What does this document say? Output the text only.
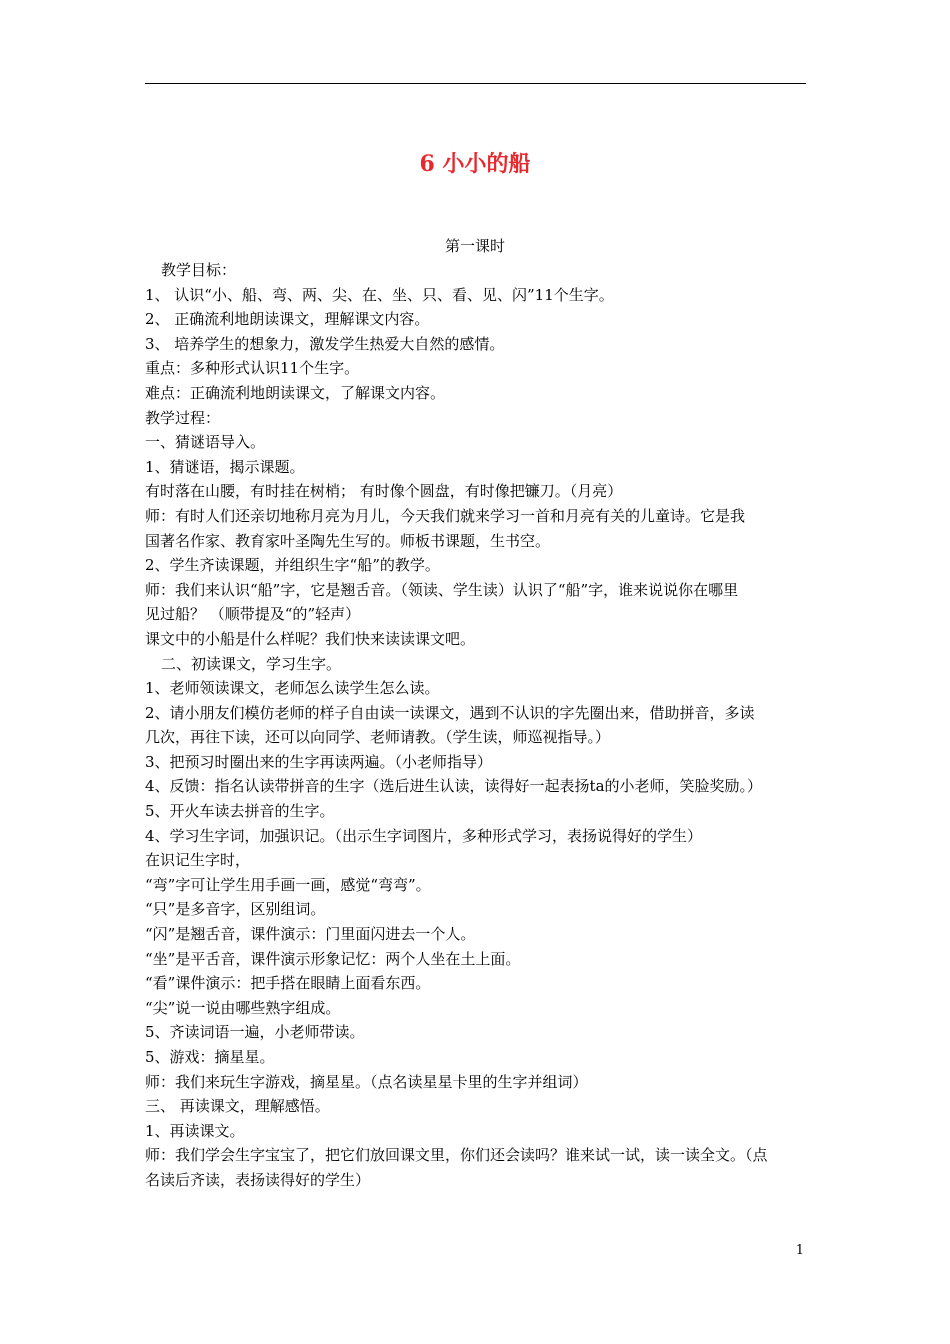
6 小小的船
第一课时
教学目标：
1、 认识“小、船、弯、两、尖、在、坐、只、看、见、闪”11个生字。
2、 正确流利地朗读课文，理解课文内容。
3、 培养学生的想象力，激发学生热爱大自然的感情。
重点：多种形式认识11个生字。
难点：正确流利地朗读课文，了解课文内容。
教学过程：
一、猜谜语导入。
1、猜谜语，揭示课题。
有时落在山腰，有时挂在树梢； 有时像个圆盘，有时像把镰刀。（月亮）
师：有时人们还亲切地称月亮为月儿，今天我们就来学习一首和月亮有关的儿童诗。它是我
国著名作家、教育家叶圣陶先生写的。师板书课题，生书空。
2、学生齐读课题，并组织生字“船”的教学。
师：我们来认识“船”字，它是翘舌音。（领读、学生读）认识了“船”字，谁来说说你在哪里
见过船？ （顺带提及“的”轻声）
课文中的小船是什么样呢？我们快来读读课文吧。
二、初读课文，学习生字。
1、老师领读课文，老师怎么读学生怎么读。
2、请小朋友们模仿老师的样子自由读一读课文，遇到不认识的字先圈出来，借助拼音，多读
几次，再往下读，还可以向同学、老师请教。（学生读，师巡视指导。）
3、把预习时圈出来的生字再读两遍。（小老师指导）
4、反馈：指名认读带拼音的生字（选后进生认读，读得好一起表扬ta的小老师，笑脸奖励。）
5、开火车读去拼音的生字。
4、学习生字词，加强识记。（出示生字词图片，多种形式学习，表扬说得好的学生）
在识记生字时，
“弯”字可让学生用手画一画，感觉“弯弯”。
“只”是多音字，区别组词。
“闪”是翘舌音，课件演示：门里面闪进去一个人。
“坐”是平舌音，课件演示形象记忆：两个人坐在土上面。
“看”课件演示：把手搭在眼睛上面看东西。
“尖”说一说由哪些熟字组成。
5、齐读词语一遍，小老师带读。
5、游戏：摘星星。
师：我们来玩生字游戏，摘星星。（点名读星星卡里的生字并组词）
三、 再读课文，理解感悟。
1、再读课文。
师：我们学会生字宝宝了，把它们放回课文里，你们还会读吗？谁来试一试，读一读全文。（点
名读后齐读，表扬读得好的学生）
1
